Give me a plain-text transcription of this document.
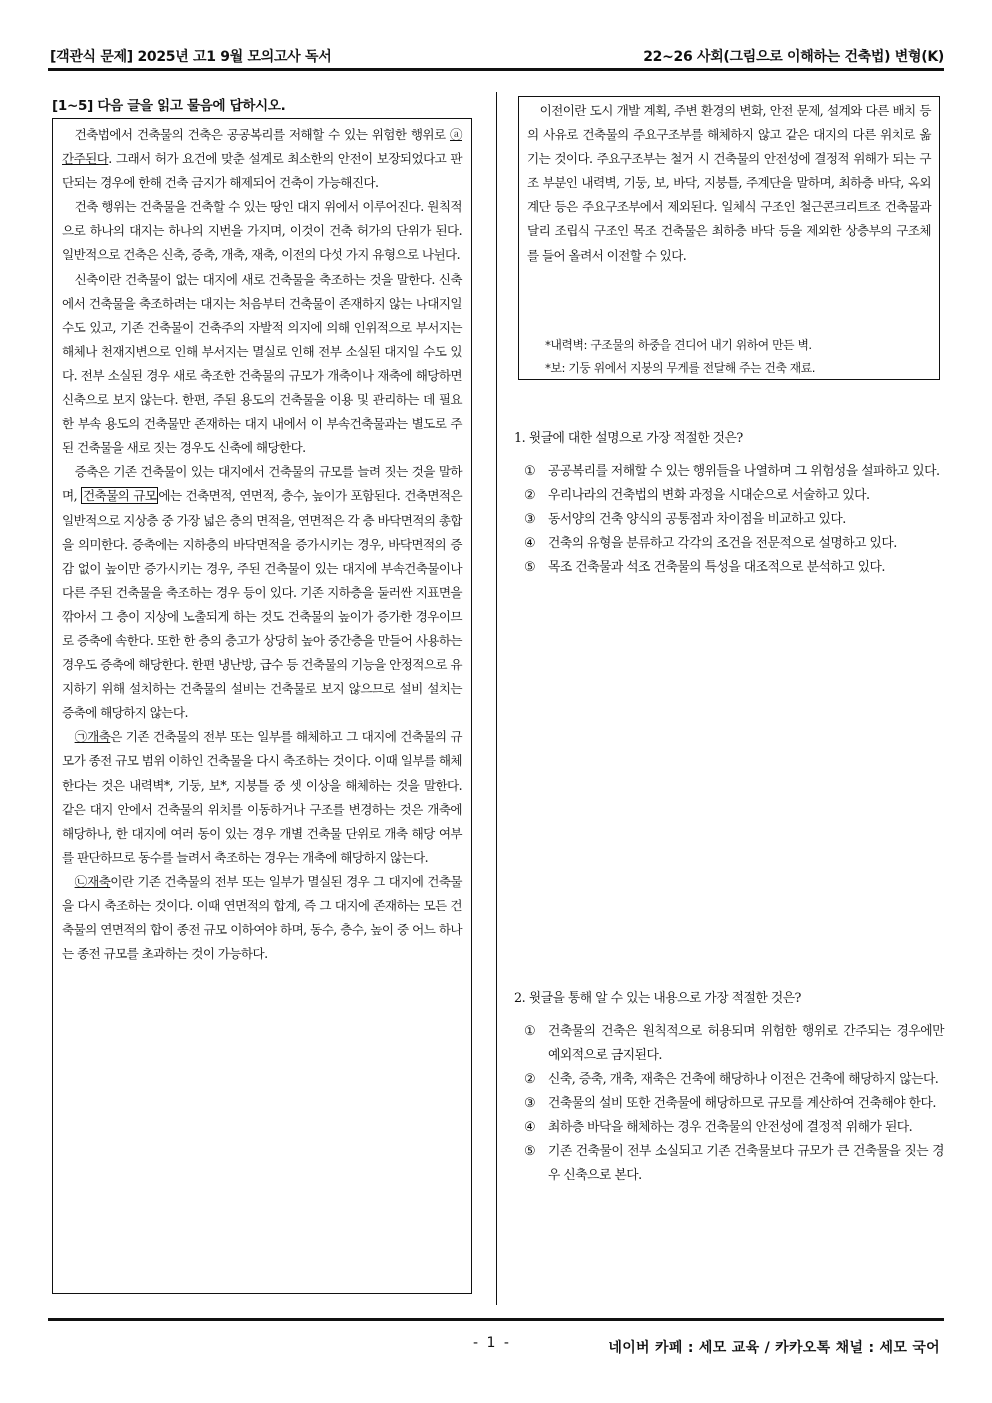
[객관식 문제] 2025년 고1 9월 모의고사 독서	22~26 사회(그림으로 이해하는 건축법) 변형(K)
[1~5] 다음 글을 읽고 물음에 답하시오.

건축법에서 건축물의 건축은 공공복리를 저해할 수 있는 위험한 행위로 ⓐ간주된다. 그래서 허가 요건에 맞춘 설계로 최소한의 안전이 보장되었다고 판단되는 경우에 한해 건축 금지가 해제되어 건축이 가능해진다.

건축 행위는 건축물을 건축할 수 있는 땅인 대지 위에서 이루어진다. 원칙적으로 하나의 대지는 하나의 지번을 가지며, 이것이 건축 허가의 단위가 된다. 일반적으로 건축은 신축, 증축, 개축, 재축, 이전의 다섯 가지 유형으로 나뉜다.

신축이란 건축물이 없는 대지에 새로 건축물을 축조하는 것을 말한다. 신축에서 건축물을 축조하려는 대지는 처음부터 건축물이 존재하지 않는 나대지일 수도 있고, 기존 건축물이 건축주의 자발적 의지에 의해 인위적으로 부서지는 해체나 천재지변으로 인해 부서지는 멸실로 인해 전부 소실된 대지일 수도 있다. 전부 소실된 경우 새로 축조한 건축물의 규모가 개축이나 재축에 해당하면 신축으로 보지 않는다. 한편, 주된 용도의 건축물을 이용 및 관리하는 데 필요한 부속 용도의 건축물만 존재하는 대지 내에서 이 부속건축물과는 별도로 주된 건축물을 새로 짓는 경우도 신축에 해당한다.

증축은 기존 건축물이 있는 대지에서 건축물의 규모를 늘려 짓는 것을 말하며, 건축물의 규모 에는 건축면적, 연면적, 층수, 높이가 포함된다. 건축면적은 일반적으로 지상층 중 가장 넓은 층의 면적을, 연면적은 각 층 바닥면적의 총합을 의미한다. 증축에는 지하층의 바닥면적을 증가시키는 경우, 바닥면적의 증감 없이 높이만 증가시키는 경우, 주된 건축물이 있는 대지에 부속건축물이나 다른 주된 건축물을 축조하는 경우 등이 있다. 기존 지하층을 둘러싼 지표면을 깎아서 그 층이 지상에 노출되게 하는 것도 건축물의 높이가 증가한 경우이므로 증축에 속한다. 또한 한 층의 층고가 상당히 높아 중간층을 만들어 사용하는 경우도 증축에 해당한다. 한편 냉난방, 급수 등 건축물의 기능을 안정적으로 유지하기 위해 설치하는 건축물의 설비는 건축물로 보지 않으므로 설비 설치는 증축에 해당하지 않는다.

㉠개축은 기존 건축물의 전부 또는 일부를 해체하고 그 대지에 건축물의 규모가 종전 규모 범위 이하인 건축물을 다시 축조하는 것이다. 이때 일부를 해체한다는 것은 내력벽*, 기둥, 보*, 지붕틀 중 셋 이상을 해체하는 것을 말한다. 같은 대지 안에서 건축물의 위치를 이동하거나 구조를 변경하는 것은 개축에 해당하나, 한 대지에 여러 동이 있는 경우 개별 건축물 단위로 개축 해당 여부를 판단하므로 동수를 늘려서 축조하는 경우는 개축에 해당하지 않는다.

㉡재축이란 기존 건축물의 전부 또는 일부가 멸실된 경우 그 대지에 건축물을 다시 축조하는 것이다. 이때 연면적의 합계, 즉 그 대지에 존재하는 모든 건축물의 연면적의 합이 종전 규모 이하여야 하며, 동수, 층수, 높이 중 어느 하나는 종전 규모를 초과하는 것이 가능하다.

이전이란 도시 개발 계획, 주변 환경의 변화, 안전 문제, 설계와 다른 배치 등의 사유로 건축물의 주요구조부를 해체하지 않고 같은 대지의 다른 위치로 옮기는 것이다. 주요구조부는 철거 시 건축물의 안전성에 결정적 위해가 되는 구조 부분인 내력벽, 기둥, 보, 바닥, 지붕틀, 주계단을 말하며, 최하층 바닥, 옥외 계단 등은 주요구조부에서 제외된다. 일체식 구조인 철근콘크리트조 건축물과 달리 조립식 구조인 목조 건축물은 최하층 바닥 등을 제외한 상층부의 구조체를 들어 올려서 이전할 수 있다.

*내력벽: 구조물의 하중을 견디어 내기 위하여 만든 벽.
*보: 기둥 위에서 지붕의 무게를 전달해 주는 건축 재료.
1. 윗글에 대한 설명으로 가장 적절한 것은?
① 공공복리를 저해할 수 있는 행위들을 나열하며 그 위험성을 설파하고 있다.
② 우리나라의 건축법의 변화 과정을 시대순으로 서술하고 있다.
③ 동서양의 건축 양식의 공통점과 차이점을 비교하고 있다.
④ 건축의 유형을 분류하고 각각의 조건을 전문적으로 설명하고 있다.
⑤ 목조 건축물과 석조 건축물의 특성을 대조적으로 분석하고 있다.
2. 윗글을 통해 알 수 있는 내용으로 가장 적절한 것은?
① 건축물의 건축은 원칙적으로 허용되며 위험한 행위로 간주되는 경우에만 예외적으로 금지된다.
② 신축, 증축, 개축, 재축은 건축에 해당하나 이전은 건축에 해당하지 않는다.
③ 건축물의 설비 또한 건축물에 해당하므로 규모를 계산하여 건축해야 한다.
④ 최하층 바닥을 해체하는 경우 건축물의 안전성에 결정적 위해가 된다.
⑤ 기존 건축물이 전부 소실되고 기존 건축물보다 규모가 큰 건축물을 짓는 경우 신축으로 본다.
- 1 -	네이버 카페 : 세모 교육 / 카카오톡 채널 : 세모 국어
